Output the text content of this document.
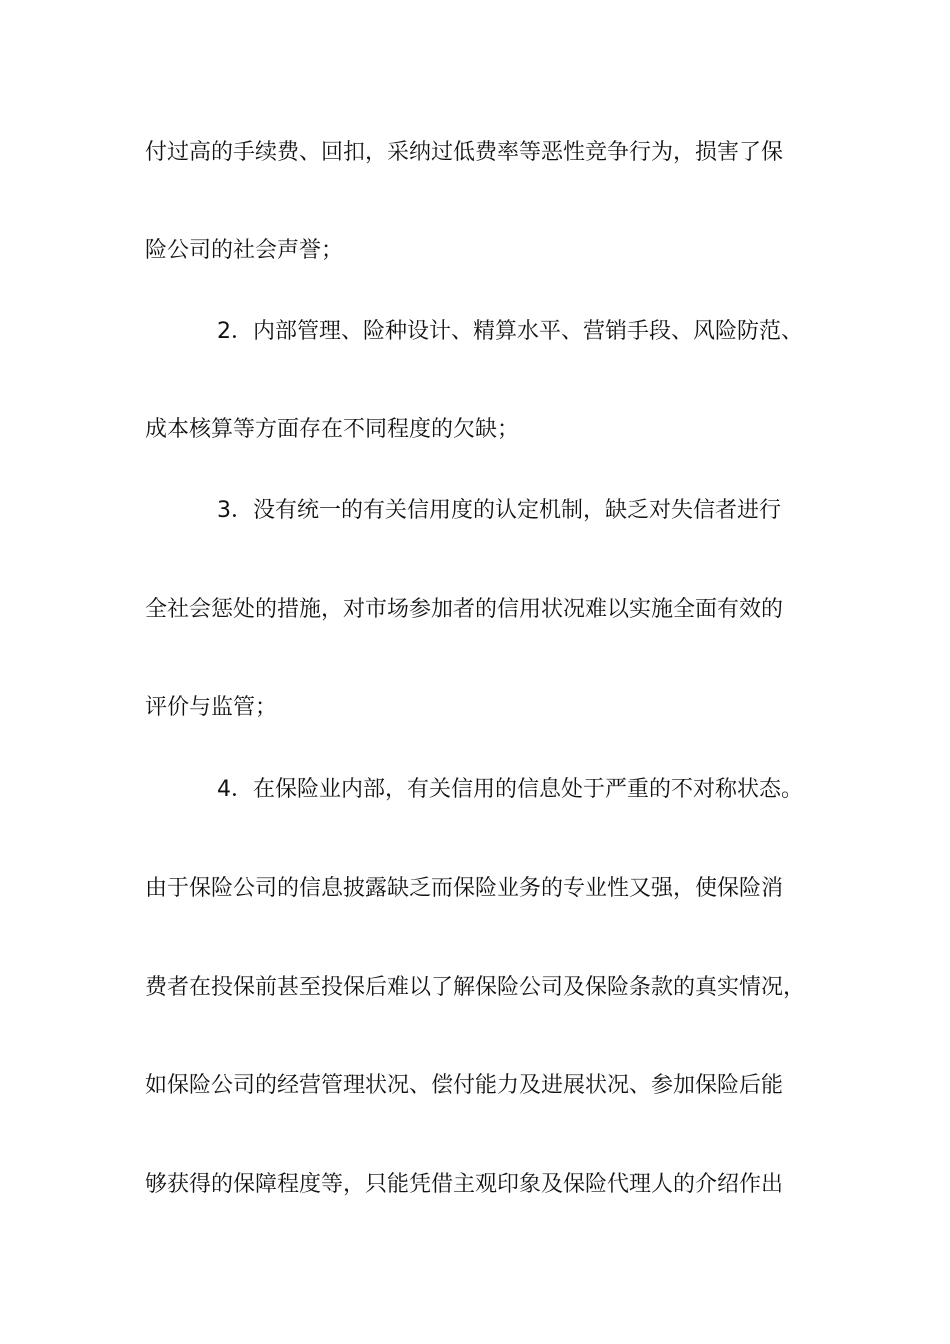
付过高的手续费、回扣，采纳过低费率等恶性竞争行为，损害了保
险公司的社会声誉；
2．内部管理、险种设计、精算水平、营销手段、风险防范、
成本核算等方面存在不同程度的欠缺；
3．没有统一的有关信用度的认定机制，缺乏对失信者进行
全社会惩处的措施，对市场参加者的信用状况难以实施全面有效的
评价与监管；
4．在保险业内部，有关信用的信息处于严重的不对称状态。
由于保险公司的信息披露缺乏而保险业务的专业性又强，使保险消
费者在投保前甚至投保后难以了解保险公司及保险条款的真实情况，
如保险公司的经营管理状况、偿付能力及进展状况、参加保险后能
够获得的保障程度等，只能凭借主观印象及保险代理人的介绍作出
